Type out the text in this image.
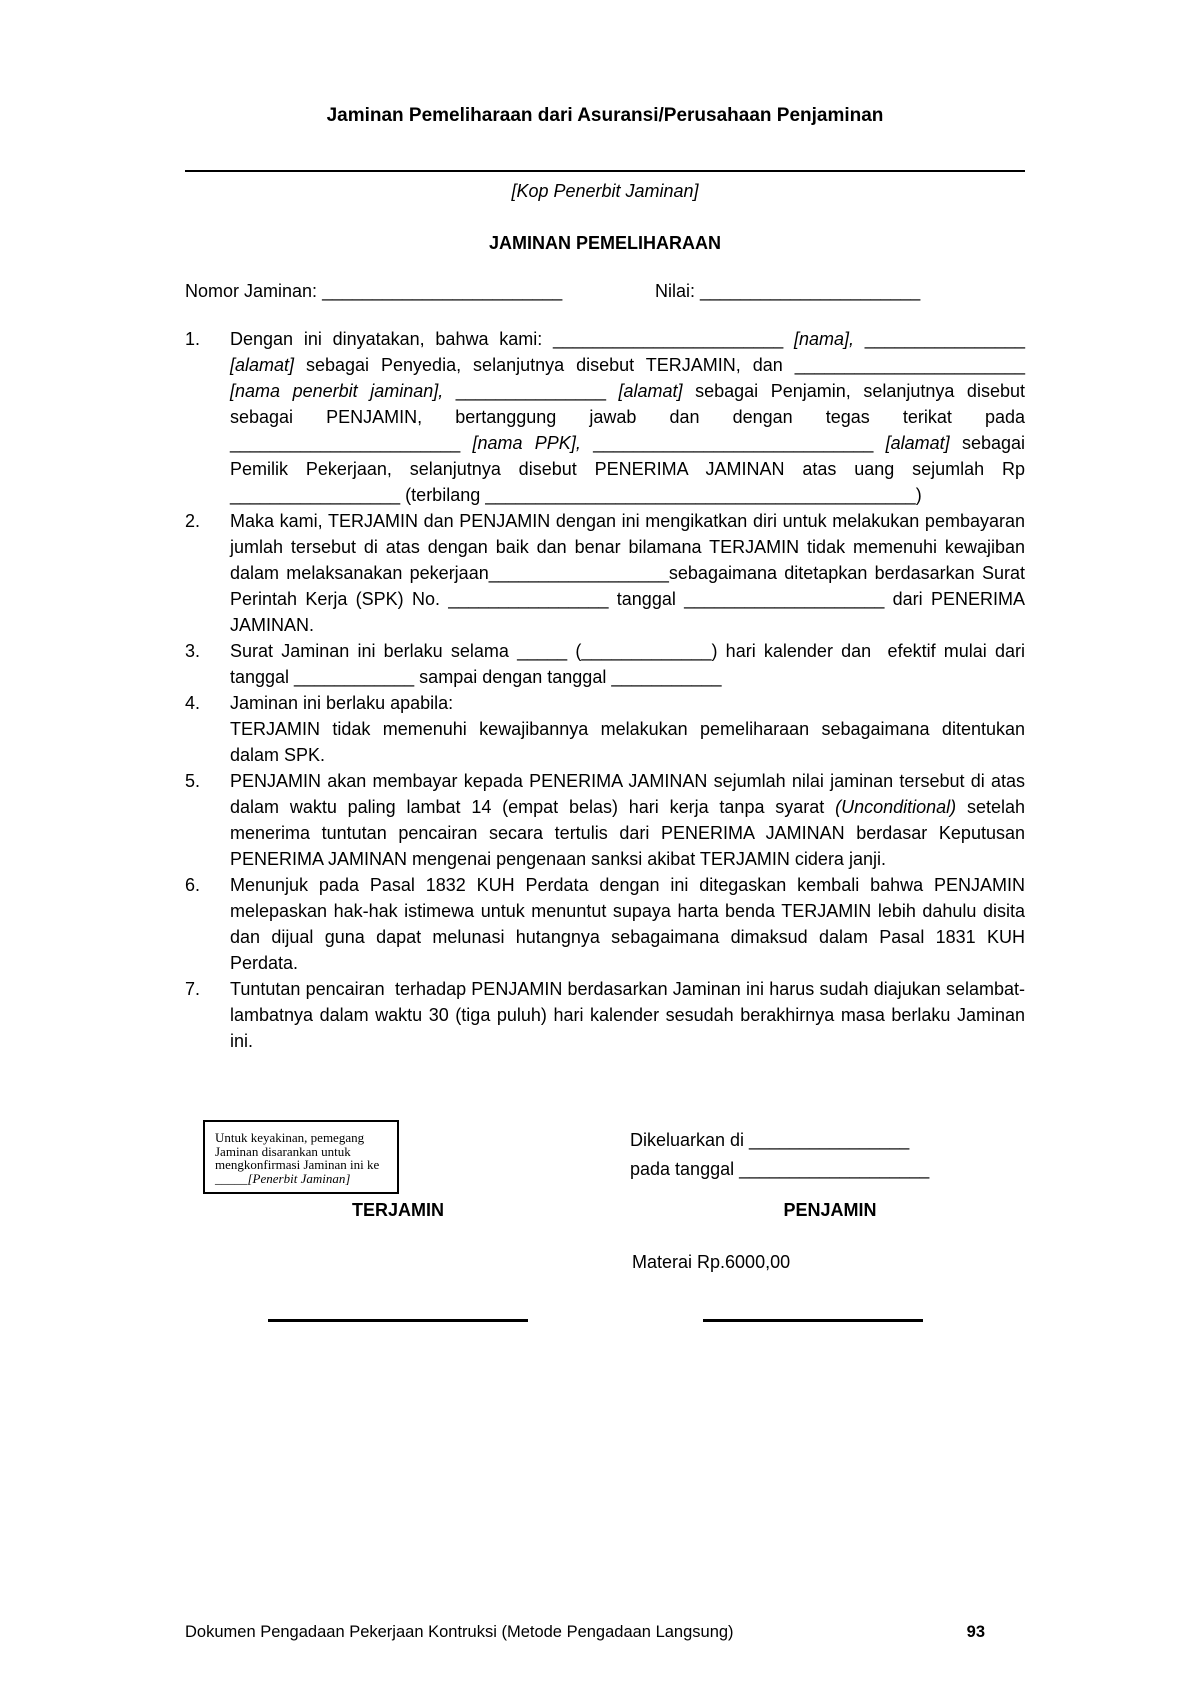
Jaminan Pemeliharaan dari Asuransi/Perusahaan Penjaminan
[Kop Penerbit Jaminan]
JAMINAN PEMELIHARAAN
Nomor Jaminan: ________________________	Nilai: ______________________
1.	Dengan ini dinyatakan, bahwa kami: _______________________ [nama], ________________ [alamat] sebagai Penyedia, selanjutnya disebut TERJAMIN, dan _______________________ [nama penerbit jaminan], _______________ [alamat] sebagai Penjamin, selanjutnya disebut sebagai PENJAMIN, bertanggung jawab dan dengan tegas terikat pada _______________________ [nama PPK], ____________________________ [alamat] sebagai Pemilik Pekerjaan, selanjutnya disebut PENERIMA JAMINAN atas uang sejumlah Rp _________________ (terbilang ___________________________________________)
2.	Maka kami, TERJAMIN dan PENJAMIN dengan ini mengikatkan diri untuk melakukan pembayaran jumlah tersebut di atas dengan baik dan benar bilamana TERJAMIN tidak memenuhi kewajiban dalam melaksanakan pekerjaan__________________sebagaimana ditetapkan berdasarkan Surat Perintah Kerja (SPK) No. ________________ tanggal ____________________ dari PENERIMA JAMINAN.
3.	Surat Jaminan ini berlaku selama _____ (_____________) hari kalender dan  efektif mulai dari tanggal ____________ sampai dengan tanggal ___________
4.	Jaminan ini berlaku apabila:
TERJAMIN tidak memenuhi kewajibannya melakukan pemeliharaan sebagaimana ditentukan dalam SPK.
5.	PENJAMIN akan membayar kepada PENERIMA JAMINAN sejumlah nilai jaminan tersebut di atas dalam waktu paling lambat 14 (empat belas) hari kerja tanpa syarat (Unconditional) setelah menerima tuntutan pencairan secara tertulis dari PENERIMA JAMINAN berdasar Keputusan PENERIMA JAMINAN mengenai pengenaan sanksi akibat TERJAMIN cidera janji.
6.	Menunjuk pada Pasal 1832 KUH Perdata dengan ini ditegaskan kembali bahwa PENJAMIN melepaskan hak-hak istimewa untuk menuntut supaya harta benda TERJAMIN lebih dahulu disita dan dijual guna dapat melunasi hutangnya sebagaimana dimaksud dalam Pasal 1831 KUH Perdata.
7.	Tuntutan pencairan  terhadap PENJAMIN berdasarkan Jaminan ini harus sudah diajukan selambat-lambatnya dalam waktu 30 (tiga puluh) hari kalender sesudah berakhirnya masa berlaku Jaminan ini.
Untuk keyakinan, pemegang Jaminan disarankan untuk mengkonfirmasi Jaminan ini ke _____[Penerbit Jaminan]
Dikeluarkan di ________________
pada tanggal ___________________
TERJAMIN	PENJAMIN
Materai Rp.6000,00
Dokumen Pengadaan Pekerjaan Kontruksi (Metode Pengadaan Langsung)	93
